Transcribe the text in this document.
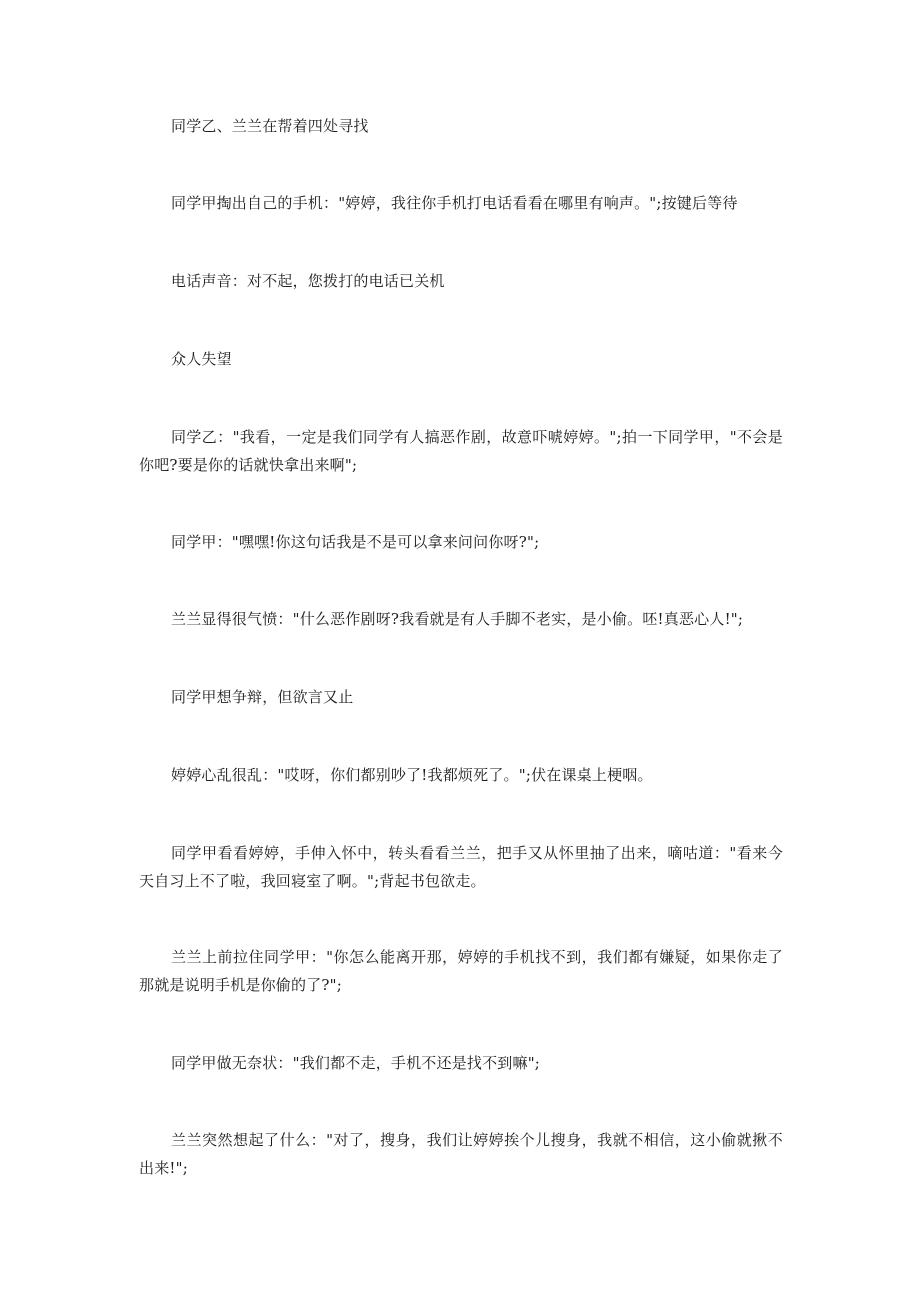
同学乙、兰兰在帮着四处寻找

同学甲掏出自己的手机："婷婷，我往你手机打电话看看在哪里有响声。";按键后等待

电话声音：对不起，您拨打的电话已关机

众人失望

同学乙："我看，一定是我们同学有人搞恶作剧，故意吓唬婷婷。";拍一下同学甲，"不会是你吧?要是你的话就快拿出来啊";

同学甲："嘿嘿!你这句话我是不是可以拿来问问你呀?";

兰兰显得很气愤："什么恶作剧呀?我看就是有人手脚不老实，是小偷。呸!真恶心人!";

同学甲想争辩，但欲言又止

婷婷心乱很乱："哎呀，你们都别吵了!我都烦死了。";伏在课桌上梗咽。

同学甲看看婷婷，手伸入怀中，转头看看兰兰，把手又从怀里抽了出来，嘀咕道："看来今天自习上不了啦，我回寝室了啊。";背起书包欲走。

兰兰上前拉住同学甲："你怎么能离开那，婷婷的手机找不到，我们都有嫌疑，如果你走了那就是说明手机是你偷的了?";

同学甲做无奈状："我们都不走，手机不还是找不到嘛";

兰兰突然想起了什么："对了，搜身，我们让婷婷挨个儿搜身，我就不相信，这小偷就揪不出来!";
